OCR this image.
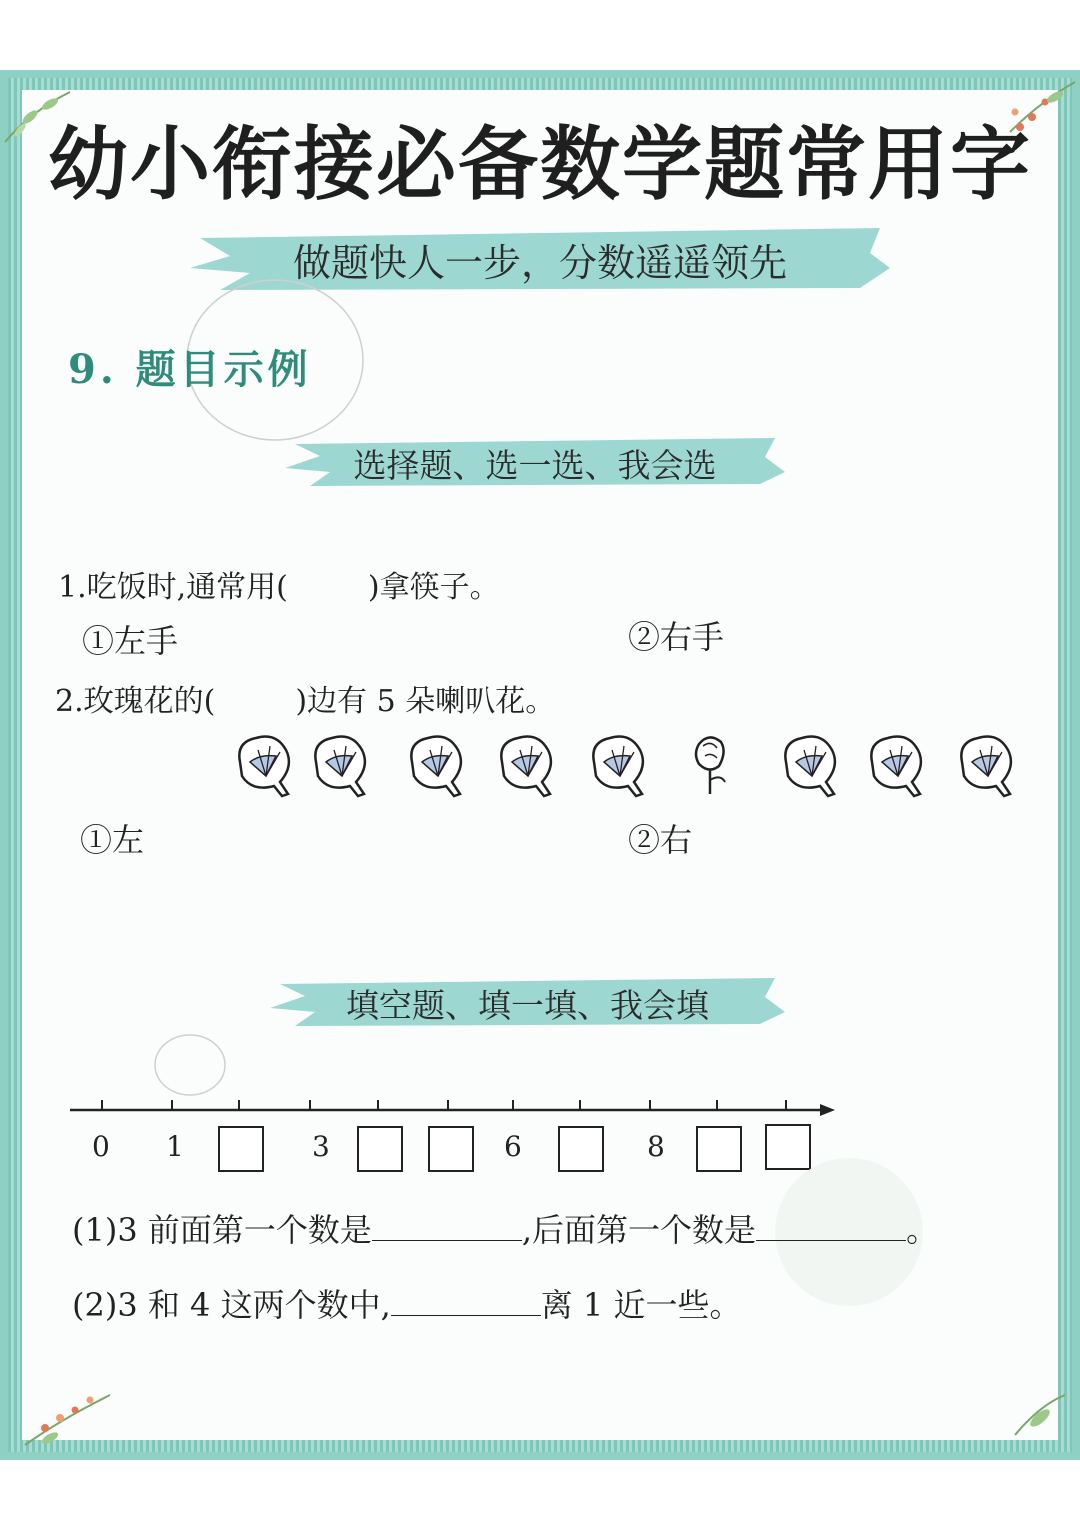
幼小衔接必备数学题常用字
做题快人一步，分数遥遥领先
9. 题目示例
选择题、选一选、我会选
1.吃饭时,通常用(	)拿筷子。
①左手	②右手
2.玫瑰花的(	)边有 5 朵喇叭花。
①左	②右
填空题、填一填、我会填
0 1	3	6	8
(1)3 前面第一个数是	,后面第一个数是	。
(2)3 和 4 这两个数中,	离 1 近一些。
